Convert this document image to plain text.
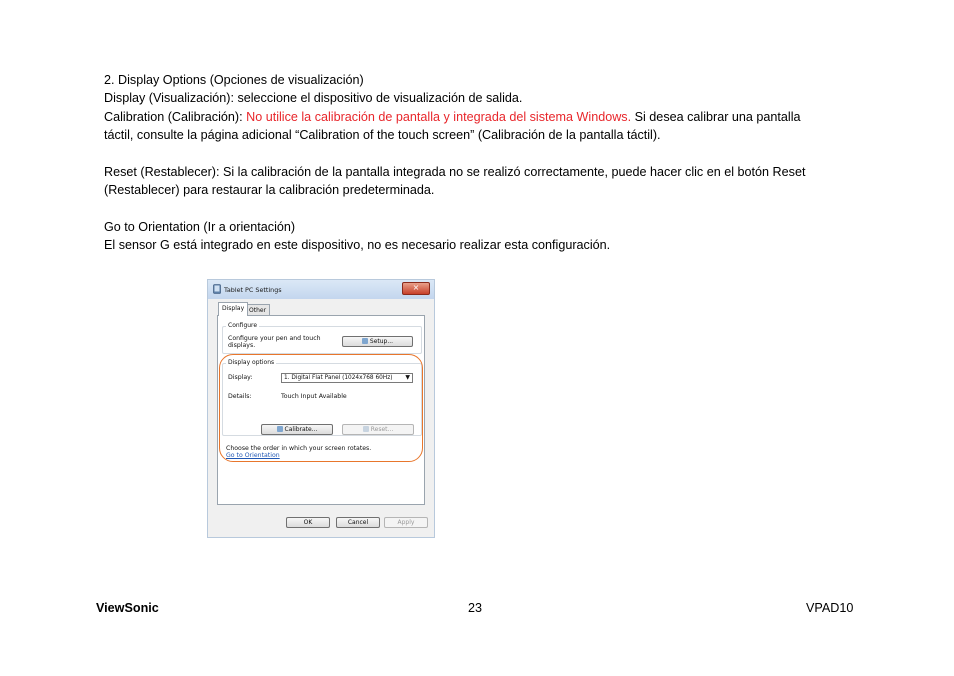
2. Display Options (Opciones de visualización)
Display (Visualización): seleccione el dispositivo de visualización de salida.
Calibration (Calibración): No utilice la calibración de pantalla y integrada del sistema Windows. Si desea calibrar una pantalla
táctil, consulte la página adicional “Calibration of the touch screen” (Calibración de la pantalla táctil).
Reset (Restablecer): Si la calibración de la pantalla integrada no se realizó correctamente, puede hacer clic en el botón Reset
(Restablecer) para restaurar la calibración predeterminada.
Go to Orientation (Ir a orientación)
El sensor G está integrado en este dispositivo, no es necesario realizar esta configuración.
Tablet PC Settings	×
Display Other
Configure
Configure your pen and touch
displays.
Setup...
Display options
Display:	1. Digital Flat Panel (1024x768 60Hz) ▼
Details:	Touch Input Available
Calibrate...	Reset...
Choose the order in which your screen rotates.
Go to Orientation
OK	Cancel	Apply
ViewSonic	23	VPAD10
